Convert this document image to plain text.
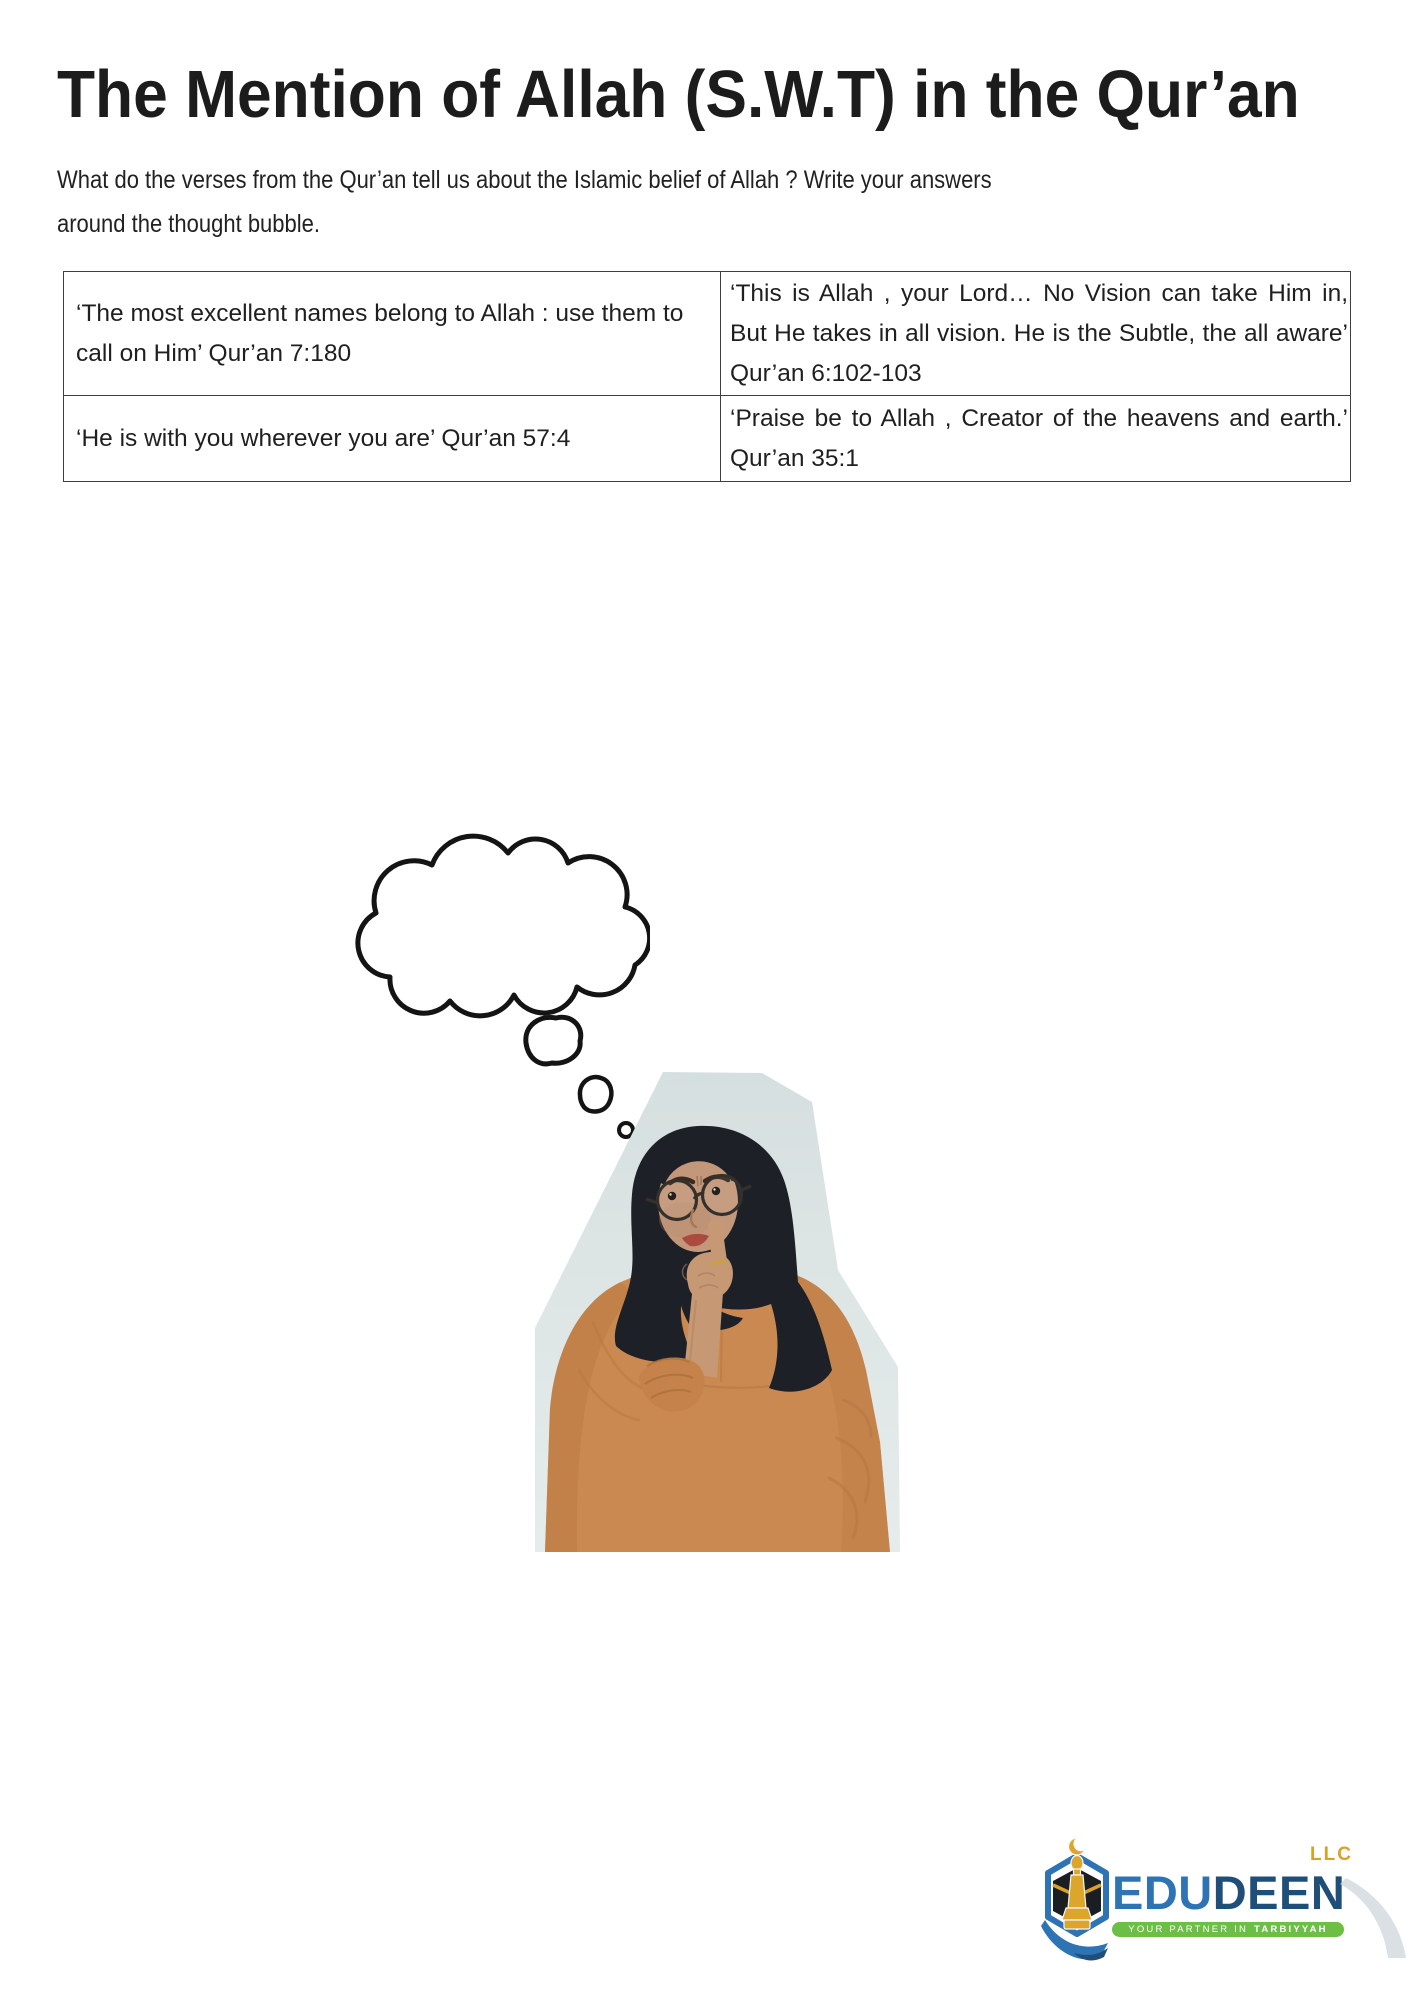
The Mention of Allah (S.W.T) in the Qur’an
What do the verses from the Qur’an tell us about the Islamic belief of Allah ? Write your answers
around the thought bubble.
‘The most excellent names belong to Allah : use them to call on Him’ Qur’an 7:180
‘This is Allah , your Lord… No Vision can take Him in, But He takes in all vision. He is the Subtle, the all aware’ Qur’an 6:102-103
‘He is with you wherever you are’ Qur’an 57:4
‘Praise be to Allah , Creator of the heavens and earth.’ Qur’an 35:1
LLC
EDUDEEN
YOUR PARTNER IN TARBIYYAH
